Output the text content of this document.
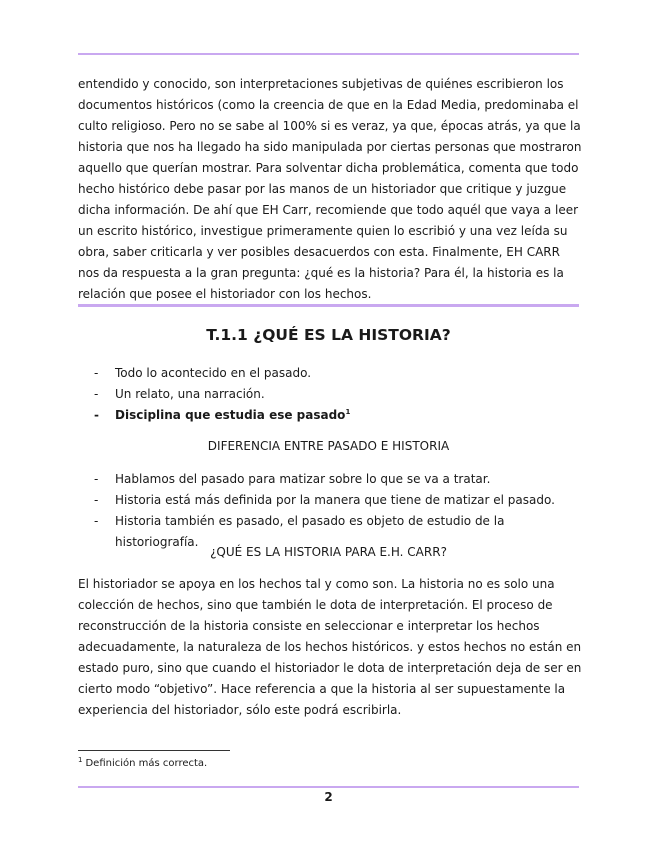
entendido y conocido, son interpretaciones subjetivas de quiénes escribieron los documentos históricos (como la creencia de que en la Edad Media, predominaba el culto religioso. Pero no se sabe al 100% si es veraz, ya que, épocas atrás, ya que la historia que nos ha llegado ha sido manipulada por ciertas personas que mostraron aquello que querían mostrar. Para solventar dicha problemática, comenta que todo hecho histórico debe pasar por las manos de un historiador que critique y juzgue dicha información. De ahí que EH Carr, recomiende que todo aquél que vaya a leer un escrito histórico, investigue primeramente quien lo escribió y una vez leída su obra, saber criticarla y ver posibles desacuerdos con esta. Finalmente, EH CARR nos da respuesta a la gran pregunta: ¿qué es la historia? Para él, la historia es la relación que posee el historiador con los hechos.

T.1.1 ¿QUÉ ES LA HISTORIA?
- Todo lo acontecido en el pasado.
- Un relato, una narración.
- Disciplina que estudia ese pasado$^1$

DIFERENCIA ENTRE PASADO E HISTORIA

- Hablamos del pasado para matizar sobre lo que se va a tratar.
- Historia está más definida por la manera que tiene de matizar el pasado.
- Historia también es pasado, el pasado es objeto de estudio de la historiografía.

¿QUÉ ES LA HISTORIA PARA E.H. CARR?

El historiador se apoya en los hechos tal y como son. La historia no es solo una colección de hechos, sino que también le dota de interpretación. El proceso de reconstrucción de la historia consiste en seleccionar e interpretar los hechos adecuadamente, la naturaleza de los hechos históricos. y estos hechos no están en estado puro, sino que cuando el historiador le dota de interpretación deja de ser en cierto modo “objetivo”. Hace referencia a que la historia al ser supuestamente la experiencia del historiador, sólo este podrá escribirla.

$^1$ Definición más correcta.

2
